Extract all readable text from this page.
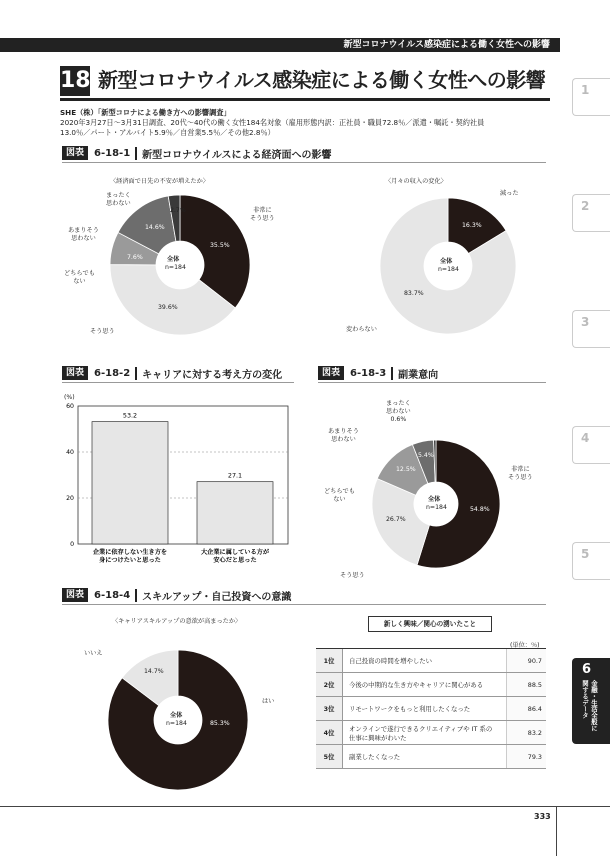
新型コロナウイルス感染症による働く女性への影響
18 新型コロナウイルス感染症による働く女性への影響
SHE（株）「新型コロナによる働き方への影響調査」
2020年3月27日～3月31日調査、20代～40代の働く女性184名対象（雇用形態内訳：正社員・職員72.8％／派遣・嘱託・契約社員
13.0％／パート・アルバイト5.9％／自営業5.5％／その他2.8％）
図表	6-18-1 新型コロナウイルスによる経済面への影響
〈経済面で日先の不安が増えたか〉
全体
n=184
35.5%
39.6%
7.6%
14.6%
2.7%	非常に
そう思う
そう思う
どちらでも
ない
あまりそう
思わない
まったく
思わない
〈月々の収入の変化〉
全体
n=184
16.3%
83.7%
減った
変わらない
図表	6-18-2 キャリアに対する考え方の変化
(%)
60
40
20
0
53.2
企業に依存しない生き方を
身につけたいと思った
27.1
大企業に属している方が
安心だと思った
図表	6-18-3 副業意向
全体
n=184	54.8%
26.7%
12.5%
5.4%
非常に
そう思う
そう思う
どちらでも
ない
あまりそう
思わない
まったく
思わない
0.6%
図表	6-18-4 スキルアップ・自己投資への意識
〈キャリアスキルアップの意欲が高まったか〉
全体
n=184	85.3%
14.7%
はい
いいえ
新しく興味／関心の湧いたこと
(単位：％)
1位	自己投資の時間を増やしたい	90.7
2位	今後の中期的な生き方やキャリアに関心がある	88.5
3位	リモートワークをもっと利用したくなった	86.4
4位	オンラインで遂行できるクリエイティブや IT 系の
仕事に興味がわいた	83.2
5位	副業したくなった	79.3
1
2
3
4
5
6
金融・生活全般に
関するデータ
333
